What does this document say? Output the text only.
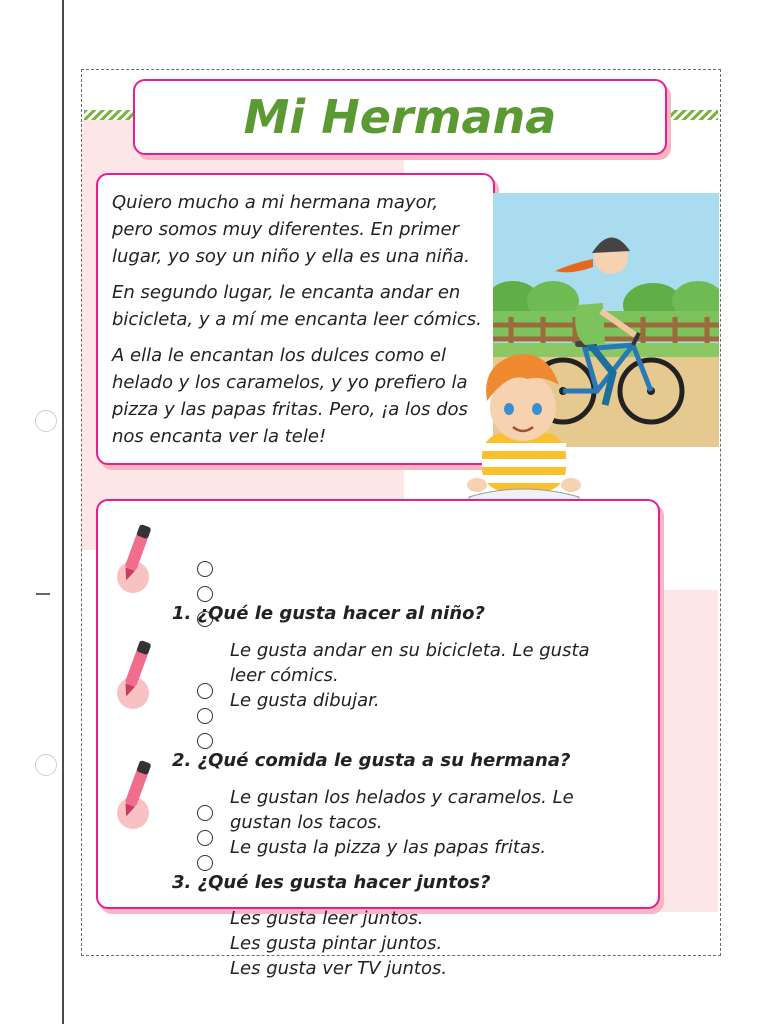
Mi Hermana

Quiero mucho a mi hermana mayor, pero somos muy diferentes. En primer lugar, yo soy un niño y ella es una niña.

En segundo lugar, le encanta andar en bicicleta, y a mí me encanta leer cómics.

A ella le encantan los dulces como el helado y los caramelos, y yo prefiero la pizza y las papas fritas. Pero, ¡a los dos nos encanta ver la tele!

1. ¿Qué le gusta hacer al niño?
Le gusta andar en su bicicleta. Le gusta leer cómics.
Le gusta dibujar.
2. ¿Qué comida le gusta a su hermana?
Le gustan los helados y caramelos. Le gustan los tacos.
Le gusta la pizza y las papas fritas.
3. ¿Qué les gusta hacer juntos?
Les gusta leer juntos. Les gusta pintar juntos. Les gusta ver TV juntos.
